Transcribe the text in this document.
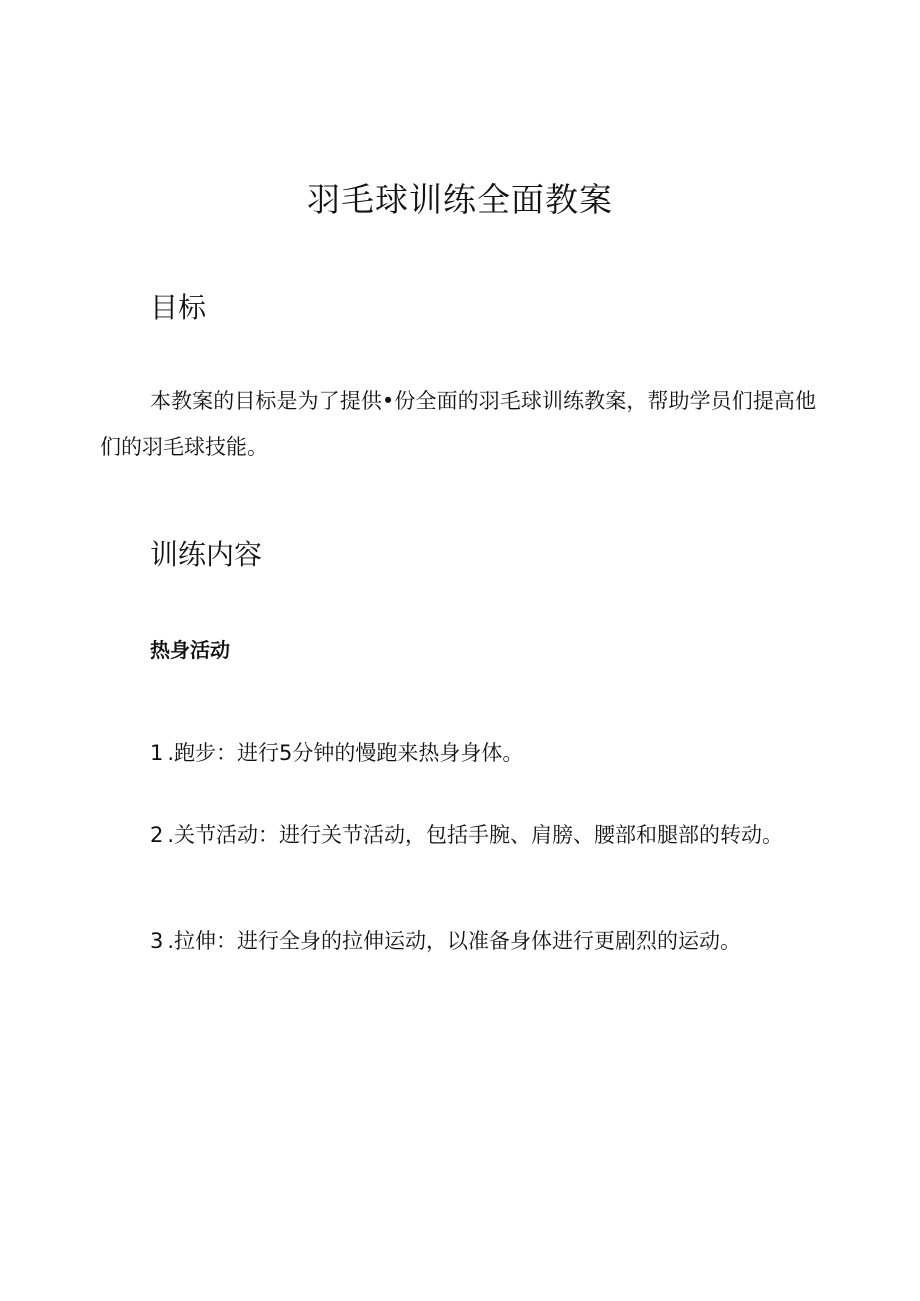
羽毛球训练全面教案
目标

本教案的目标是为了提供•份全面的羽毛球训练教案，帮助学员们提高他们的羽毛球技能。

训练内容
热身活动

1 .跑步：进行5分钟的慢跑来热身身体。

2 .关节活动：进行关节活动，包括手腕、肩膀、腰部和腿部的转动。

3 .拉伸：进行全身的拉伸运动，以准备身体进行更剧烈的运动。
